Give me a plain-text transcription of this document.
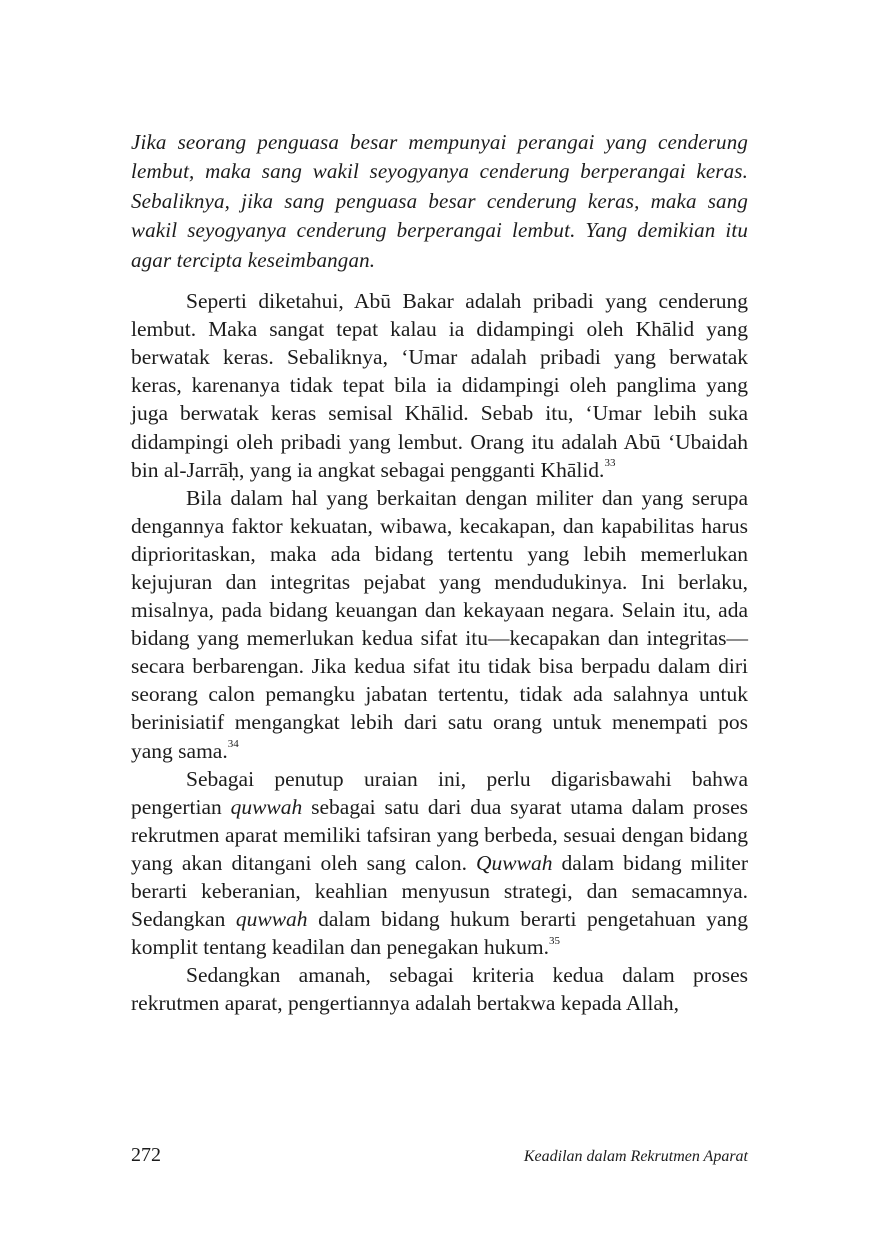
Jika seorang penguasa besar mempunyai perangai yang cenderung lembut, maka sang wakil seyogyanya cenderung berperangai keras. Sebaliknya, jika sang penguasa besar cenderung keras, maka sang wakil seyogyanya cenderung berperangai lembut. Yang demikian itu agar tercipta keseimbangan.

Seperti diketahui, Abū Bakar adalah pribadi yang cenderung lembut. Maka sangat tepat kalau ia didampingi oleh Khālid yang berwatak keras. Sebaliknya, ‘Umar adalah pribadi yang berwatak keras, karenanya tidak tepat bila ia didampingi oleh panglima yang juga berwatak keras semisal Khālid. Sebab itu, ‘Umar lebih suka didampingi oleh pribadi yang lembut. Orang itu adalah Abū ‘Ubaidah bin al-Jarrāḥ, yang ia angkat sebagai pengganti Khālid.$^{33}$

Bila dalam hal yang berkaitan dengan militer dan yang serupa dengannya faktor kekuatan, wibawa, kecakapan, dan kapabilitas harus diprioritaskan, maka ada bidang tertentu yang lebih memerlukan kejujuran dan integritas pejabat yang mendudukinya. Ini berlaku, misalnya, pada bidang keuangan dan kekayaan negara. Selain itu, ada bidang yang memerlukan kedua sifat itu—kecapakan dan integritas—secara berbarengan. Jika kedua sifat itu tidak bisa berpadu dalam diri seorang calon pemangku jabatan tertentu, tidak ada salahnya untuk berinisiatif mengangkat lebih dari satu orang untuk menempati pos yang sama.$^{34}$

Sebagai penutup uraian ini, perlu digarisbawahi bahwa pengertian quwwah sebagai satu dari dua syarat utama dalam proses rekrutmen aparat memiliki tafsiran yang berbeda, sesuai dengan bidang yang akan ditangani oleh sang calon. Quwwah dalam bidang militer berarti keberanian, keahlian menyusun strategi, dan semacamnya. Sedangkan quwwah dalam bidang hukum berarti pengetahuan yang komplit tentang keadilan dan penegakan hukum.$^{35}$

Sedangkan amanah, sebagai kriteria kedua dalam proses rekrutmen aparat, pengertiannya adalah bertakwa kepada Allah,

272	Keadilan dalam Rekrutmen Aparat
